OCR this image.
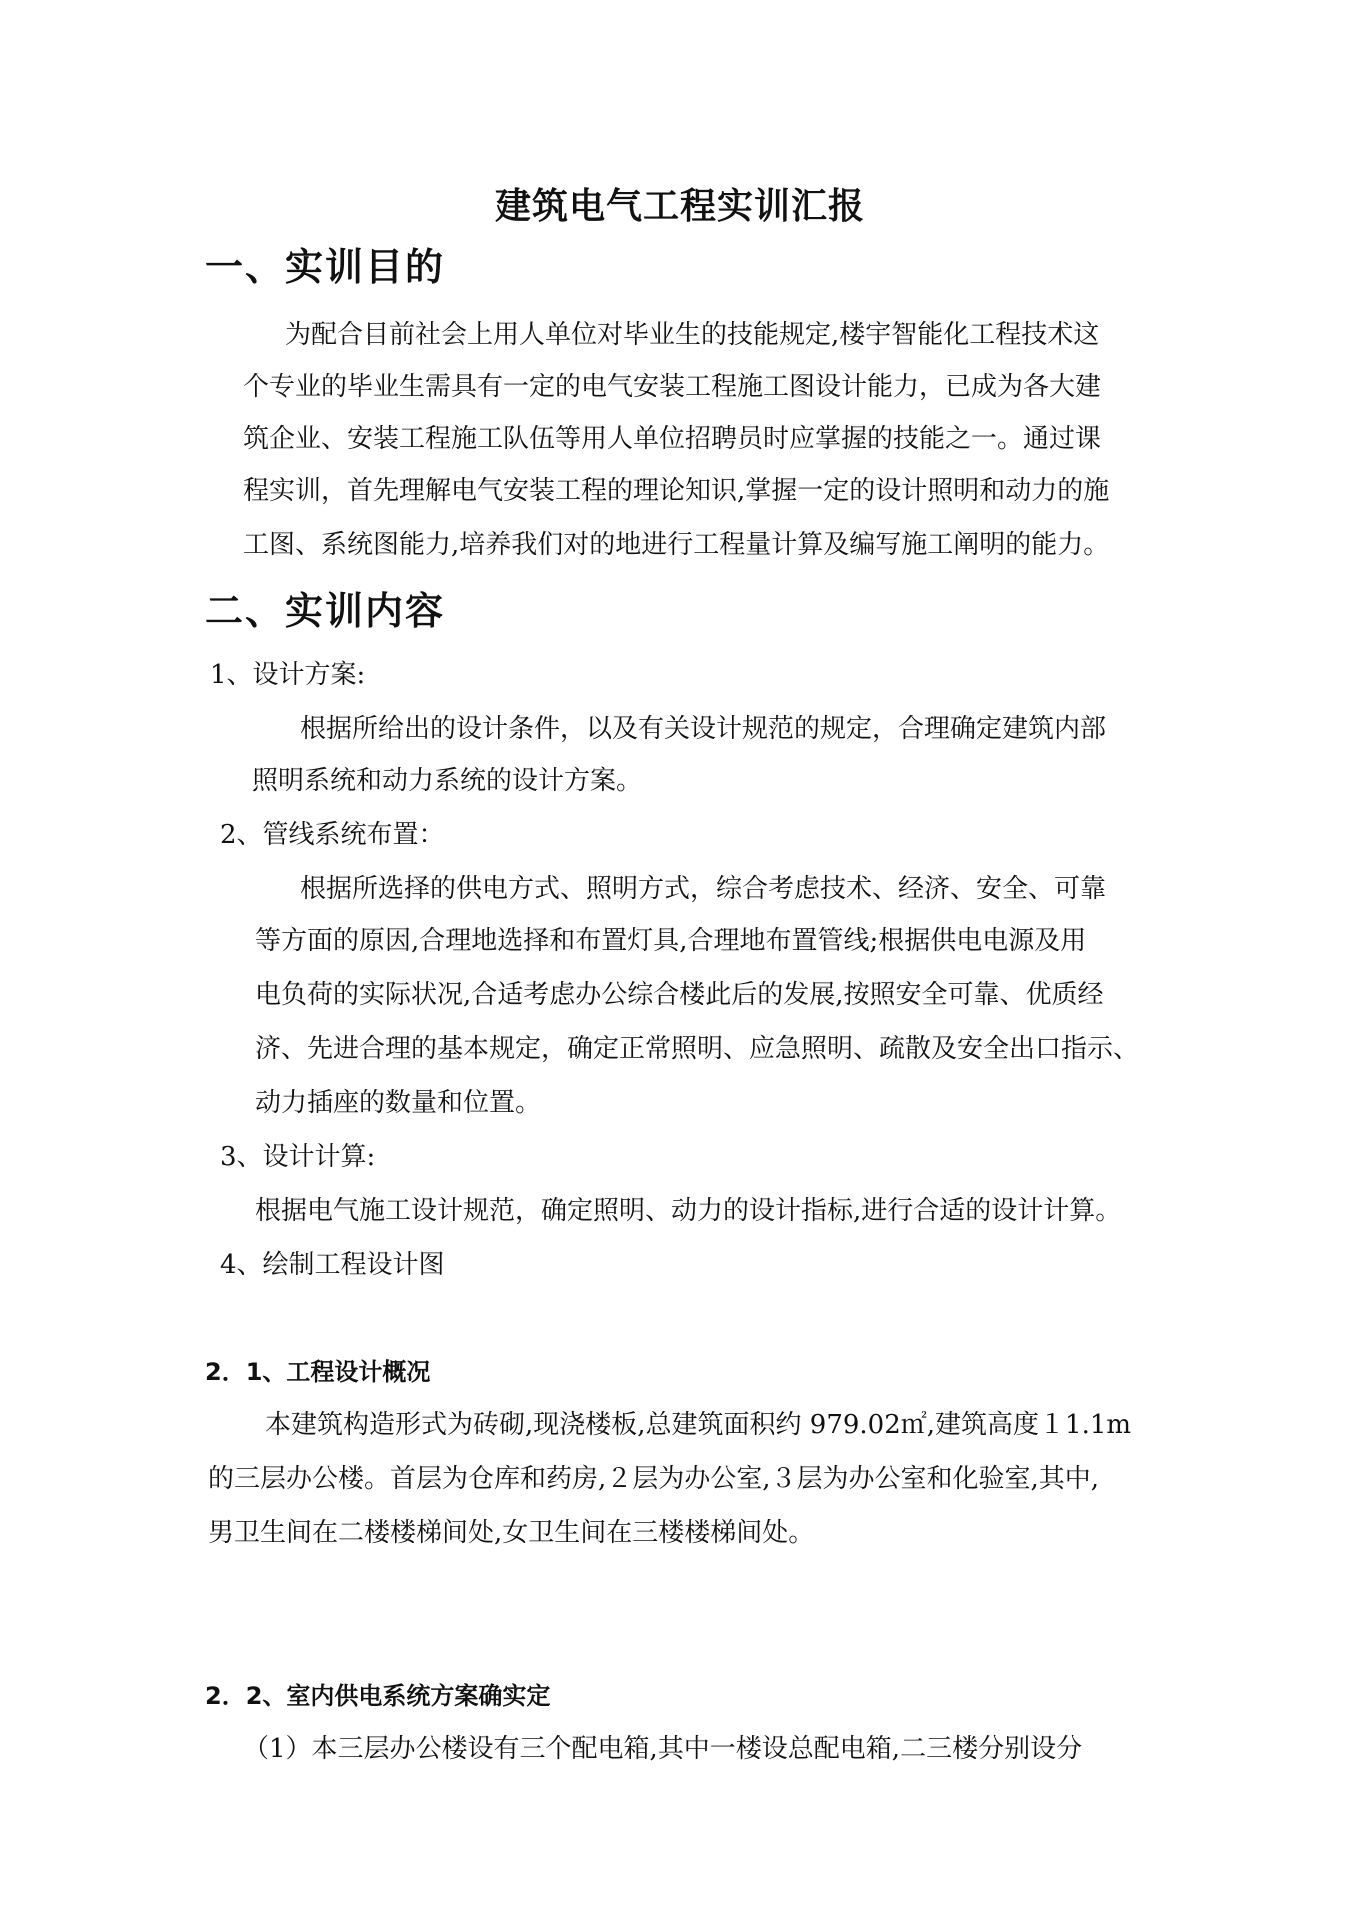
建筑电气工程实训汇报
一、实训目的
为配合目前社会上用人单位对毕业生的技能规定,楼宇智能化工程技术这
个专业的毕业生需具有一定的电气安装工程施工图设计能力，已成为各大建
筑企业、安装工程施工队伍等用人单位招聘员时应掌握的技能之一。通过课
程实训，首先理解电气安装工程的理论知识,掌握一定的设计照明和动力的施
工图、系统图能力,培养我们对的地进行工程量计算及编写施工阐明的能力。
二、实训内容
1、设计方案:
根据所给出的设计条件，以及有关设计规范的规定，合理确定建筑内部
照明系统和动力系统的设计方案。
2、管线系统布置：
根据所选择的供电方式、照明方式，综合考虑技术、经济、安全、可靠
等方面的原因,合理地选择和布置灯具,合理地布置管线;根据供电电源及用
电负荷的实际状况,合适考虑办公综合楼此后的发展,按照安全可靠、优质经
济、先进合理的基本规定，确定正常照明、应急照明、疏散及安全出口指示、
动力插座的数量和位置。
3、设计计算:
根据电气施工设计规范，确定照明、动力的设计指标,进行合适的设计计算。
4、绘制工程设计图
2．1、工程设计概况
本建筑构造形式为砖砌,现浇楼板,总建筑面积约 979.02㎡,建筑高度１1.1m
的三层办公楼。首层为仓库和药房,２层为办公室,３层为办公室和化验室,其中,
男卫生间在二楼楼梯间处,女卫生间在三楼楼梯间处。
2．2、室内供电系统方案确实定
（1）本三层办公楼设有三个配电箱,其中一楼设总配电箱,二三楼分别设分
